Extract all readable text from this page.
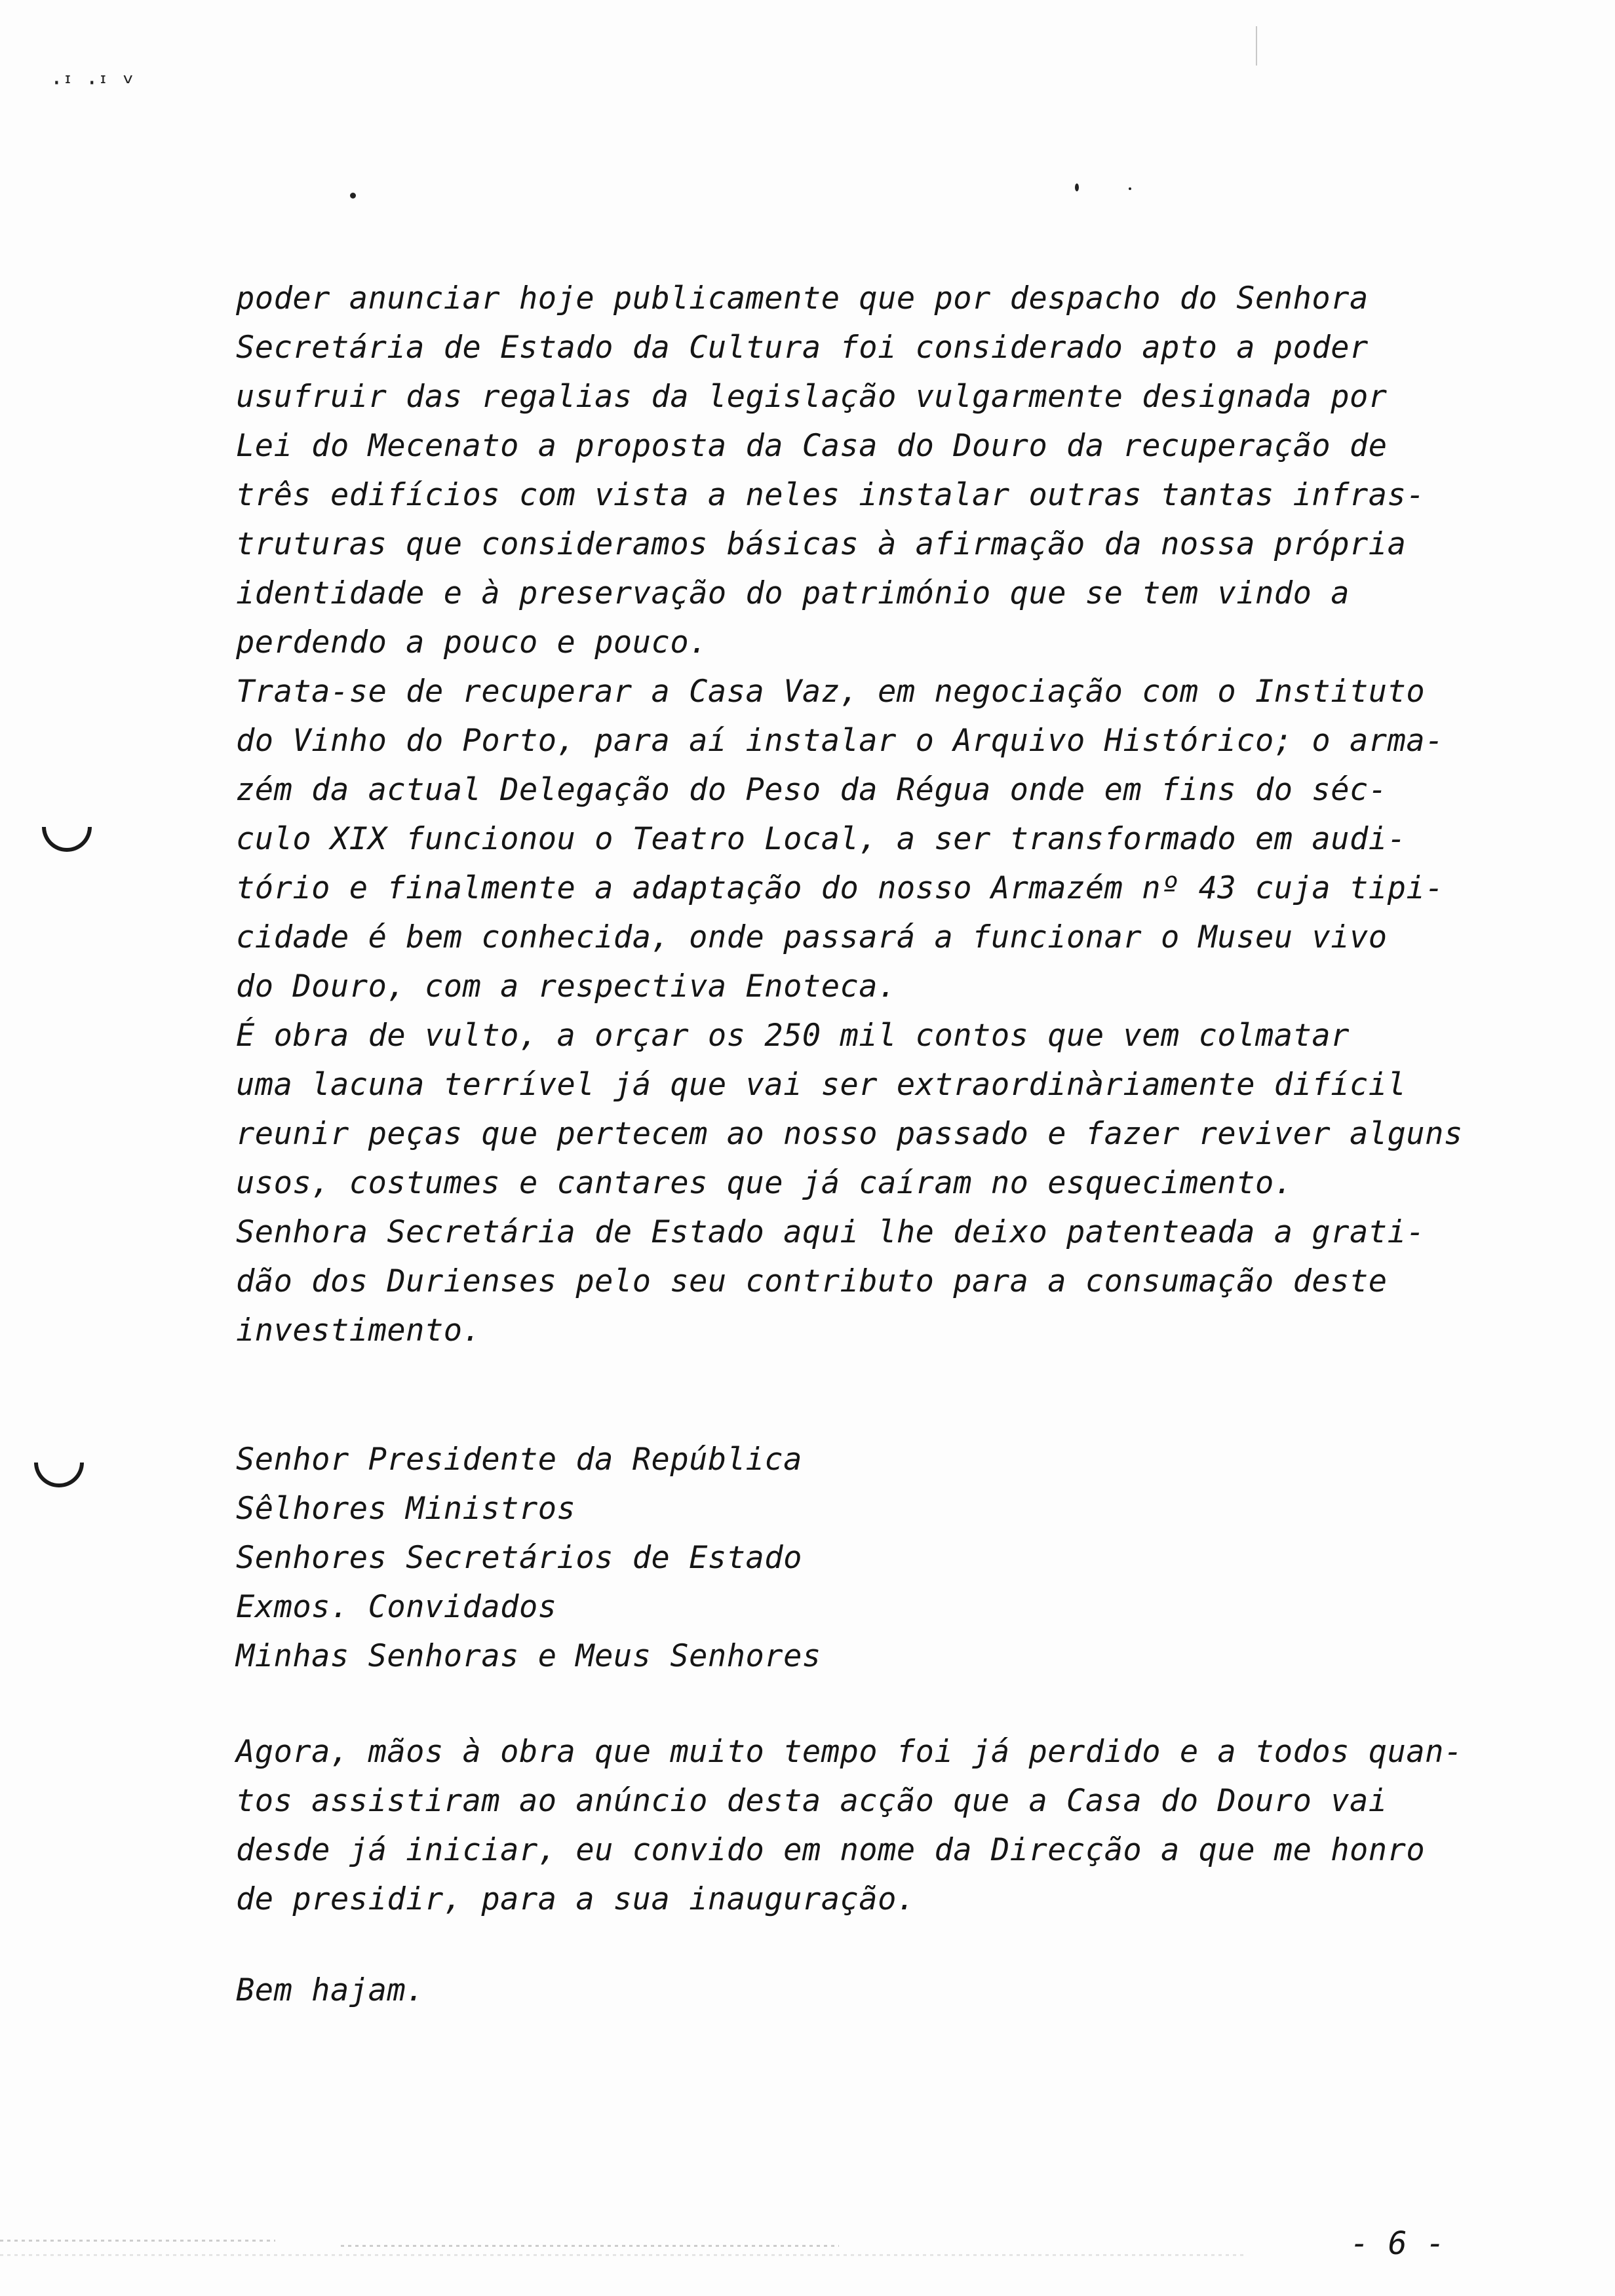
·ᶦ ·ᶦ ᵛ
poder anunciar hoje publicamente que por despacho do Senhora
Secretária de Estado da Cultura foi considerado apto a poder
usufruir das regalias da legislação vulgarmente designada por
Lei do Mecenato a proposta da Casa do Douro da recuperação de
três edifícios com vista a neles instalar outras tantas infras-
truturas que consideramos básicas à afirmação da nossa própria
identidade e à preservação do património que se tem vindo a
perdendo a pouco e pouco.
Trata-se de recuperar a Casa Vaz, em negociação com o Instituto
do Vinho do Porto, para aí instalar o Arquivo Histórico; o arma-
zém da actual Delegação do Peso da Régua onde em fins do séc-
culo XIX funcionou o Teatro Local, a ser transformado em audi-
tório e finalmente a adaptação do nosso Armazém nº 43 cuja tipi-
cidade é bem conhecida, onde passará a funcionar o Museu vivo
do Douro, com a respectiva Enoteca.
É obra de vulto, a orçar os 250 mil contos que vem colmatar
uma lacuna terrível já que vai ser extraordinàriamente difícil
reunir peças que pertecem ao nosso passado e fazer reviver alguns
usos, costumes e cantares que já caíram no esquecimento.
Senhora Secretária de Estado aqui lhe deixo patenteada a grati-
dão dos Durienses pelo seu contributo para a consumação deste
investimento.
Senhor Presidente da República
Sêlhores Ministros
Senhores Secretários de Estado
Exmos. Convidados
Minhas Senhoras e Meus Senhores
Agora, mãos à obra que muito tempo foi já perdido e a todos quan-
tos assistiram ao anúncio desta acção que a Casa do Douro vai
desde já iniciar, eu convido em nome da Direcção a que me honro
de presidir, para a sua inauguração.
Bem hajam.
- 6 -
